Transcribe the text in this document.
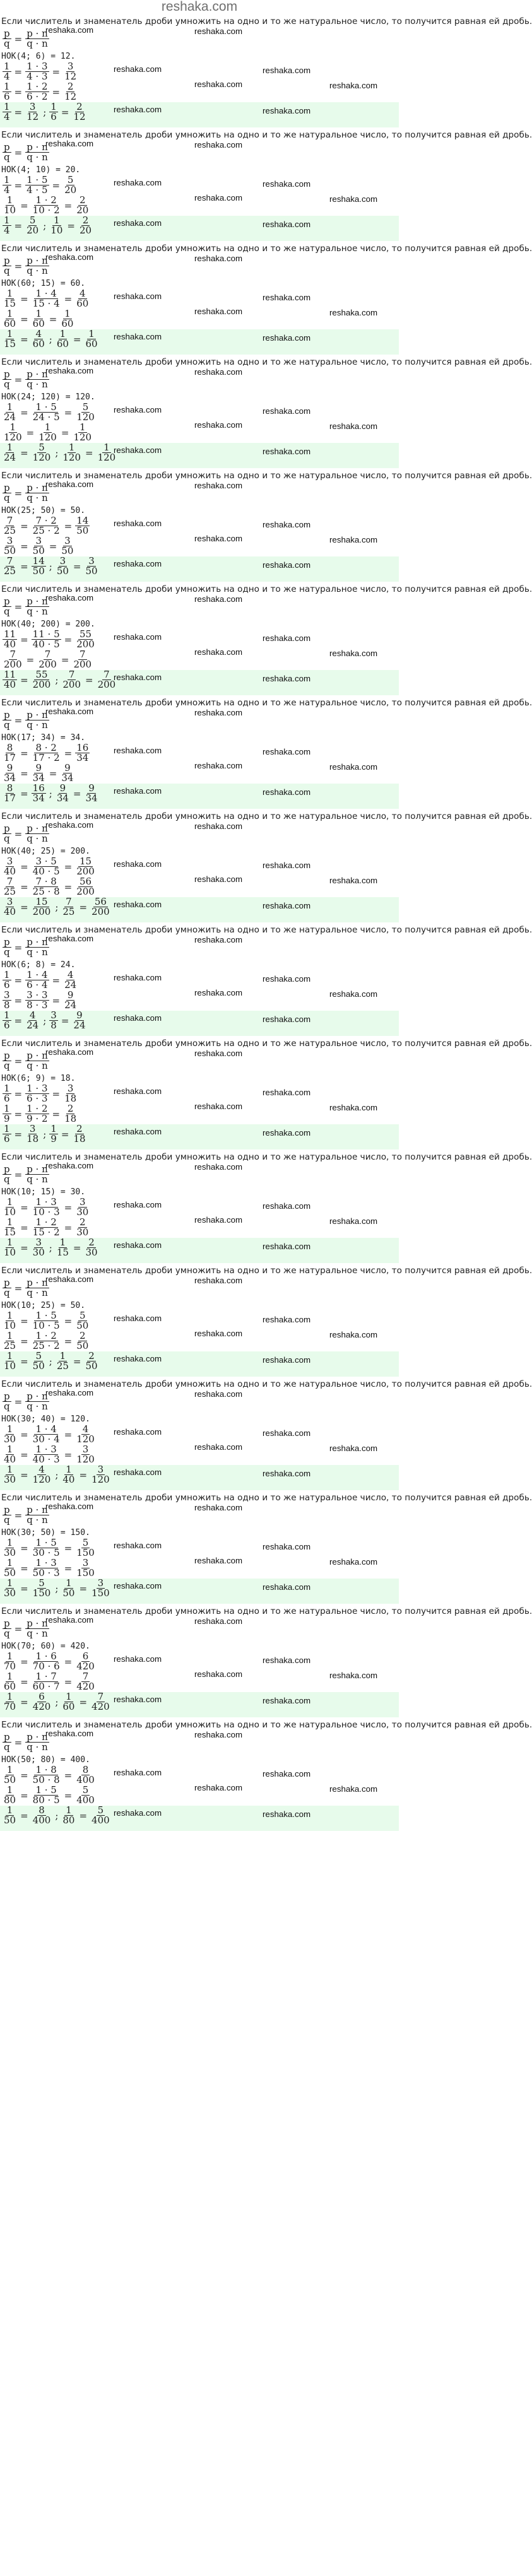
reshaka.com
Если числитель и знаменатель дроби умножить на одно и то же натуральное число, то получится равная ей дробь.
$\frac{p}{q} = \frac{p \cdot n}{q \cdot n}$
reshaka.com	reshaka.com
НОК(4; 6) = 12.
$\frac{1}{4} = \frac{1 \cdot 3}{4 \cdot 3} = \frac{3}{12}$	reshaka.com	reshaka.com
$\frac{1}{6} = \frac{1 \cdot 2}{6 \cdot 2} = \frac{2}{12}$	reshaka.com	reshaka.com
$\frac{1}{4} = \frac{3}{12}$ ; $\frac{1}{6} = \frac{2}{12}$	reshaka.com	reshaka.com
Если числитель и знаменатель дроби умножить на одно и то же натуральное число, то получится равная ей дробь.
$\frac{p}{q} = \frac{p \cdot n}{q \cdot n}$
reshaka.com	reshaka.com
НОК(4; 10) = 20.
$\frac{1}{4} = \frac{1 \cdot 5}{4 \cdot 5} = \frac{5}{20}$	reshaka.com	reshaka.com
$\frac{1}{10} = \frac{1 \cdot 2}{10 \cdot 2} = \frac{2}{20}$	reshaka.com	reshaka.com
$\frac{1}{4} = \frac{5}{20}$ ; $\frac{1}{10} = \frac{2}{20}$ reshaka.com	reshaka.com
Если числитель и знаменатель дроби умножить на одно и то же натуральное число, то получится равная ей дробь.
$\frac{p}{q} = \frac{p \cdot n}{q \cdot n}$
reshaka.com	reshaka.com
НОК(60; 15) = 60.
$\frac{1}{15} = \frac{1 \cdot 4}{15 \cdot 4} = \frac{4}{60}$	reshaka.com	reshaka.com
$\frac{1}{60} = \frac{1}{60} = \frac{1}{60}$	reshaka.com	reshaka.com
$\frac{1}{15} = \frac{4}{60}$ ; $\frac{1}{60} = \frac{1}{60}$ reshaka.com	reshaka.com
Если числитель и знаменатель дроби умножить на одно и то же натуральное число, то получится равная ей дробь.
$\frac{p}{q} = \frac{p \cdot n}{q \cdot n}$
reshaka.com	reshaka.com
НОК(24; 120) = 120.
$\frac{1}{24} = \frac{1 \cdot 5}{24 \cdot 5} = \frac{5}{120}$ reshaka.com	reshaka.com
$\frac{1}{120} = \frac{1}{120} = \frac{1}{120}$	reshaka.com	reshaka.com
$\frac{1}{24} = \frac{5}{120}$ ; $\frac{1}{120} = \frac{1}{120}$
reshaka.com	reshaka.com
Если числитель и знаменатель дроби умножить на одно и то же натуральное число, то получится равная ей дробь.
$\frac{p}{q} = \frac{p \cdot n}{q \cdot n}$
reshaka.com	reshaka.com
НОК(25; 50) = 50.
$\frac{7}{25} = \frac{7 \cdot 2}{25 \cdot 2} = \frac{14}{50}$	reshaka.com	reshaka.com
$\frac{3}{50} = \frac{3}{50} = \frac{3}{50}$	reshaka.com	reshaka.com
$\frac{7}{25} = \frac{14}{50}$ ; $\frac{3}{50} = \frac{3}{50}$ reshaka.com	reshaka.com
Если числитель и знаменатель дроби умножить на одно и то же натуральное число, то получится равная ей дробь.
$\frac{p}{q} = \frac{p \cdot n}{q \cdot n}$
reshaka.com	reshaka.com
НОК(40; 200) = 200.
$\frac{11}{40} = \frac{11 \cdot 5}{40 \cdot 5} = \frac{55}{200}$ reshaka.com	reshaka.com
$\frac{7}{200} = \frac{7}{200} = \frac{7}{200}$	reshaka.com	reshaka.com
$\frac{11}{40} = \frac{55}{200}$ ; $\frac{7}{200} = \frac{7}{200}$
reshaka.com	reshaka.com
Если числитель и знаменатель дроби умножить на одно и то же натуральное число, то получится равная ей дробь.
$\frac{p}{q} = \frac{p \cdot n}{q \cdot n}$
reshaka.com	reshaka.com
НОК(17; 34) = 34.
$\frac{8}{17} = \frac{8 \cdot 2}{17 \cdot 2} = \frac{16}{34}$	reshaka.com	reshaka.com
$\frac{9}{34} = \frac{9}{34} = \frac{9}{34}$	reshaka.com	reshaka.com
$\frac{8}{17} = \frac{16}{34}$ ; $\frac{9}{34} = \frac{9}{34}$ reshaka.com	reshaka.com
Если числитель и знаменатель дроби умножить на одно и то же натуральное число, то получится равная ей дробь.
$\frac{p}{q} = \frac{p \cdot n}{q \cdot n}$
reshaka.com	reshaka.com
НОК(40; 25) = 200.
$\frac{3}{40} = \frac{3 \cdot 5}{40 \cdot 5} = \frac{15}{200}$ reshaka.com	reshaka.com
$\frac{7}{25} = \frac{7 \cdot 8}{25 \cdot 8} = \frac{56}{200}$	reshaka.com	reshaka.com
$\frac{3}{40} = \frac{15}{200}$ ; $\frac{7}{25} = \frac{56}{200}$ reshaka.com	reshaka.com
Если числитель и знаменатель дроби умножить на одно и то же натуральное число, то получится равная ей дробь.
$\frac{p}{q} = \frac{p \cdot n}{q \cdot n}$
reshaka.com	reshaka.com
НОК(6; 8) = 24.
$\frac{1}{6} = \frac{1 \cdot 4}{6 \cdot 4} = \frac{4}{24}$	reshaka.com	reshaka.com
$\frac{3}{8} = \frac{3 \cdot 3}{8 \cdot 3} = \frac{9}{24}$	reshaka.com	reshaka.com
$\frac{1}{6} = \frac{4}{24}$ ; $\frac{3}{8} = \frac{9}{24}$	reshaka.com	reshaka.com
Если числитель и знаменатель дроби умножить на одно и то же натуральное число, то получится равная ей дробь.
$\frac{p}{q} = \frac{p \cdot n}{q \cdot n}$
reshaka.com	reshaka.com
НОК(6; 9) = 18.
$\frac{1}{6} = \frac{1 \cdot 3}{6 \cdot 3} = \frac{3}{18}$	reshaka.com	reshaka.com
$\frac{1}{9} = \frac{1 \cdot 2}{9 \cdot 2} = \frac{2}{18}$	reshaka.com	reshaka.com
$\frac{1}{6} = \frac{3}{18}$ ; $\frac{1}{9} = \frac{2}{18}$	reshaka.com	reshaka.com
Если числитель и знаменатель дроби умножить на одно и то же натуральное число, то получится равная ей дробь.
$\frac{p}{q} = \frac{p \cdot n}{q \cdot n}$
reshaka.com	reshaka.com
НОК(10; 15) = 30.
$\frac{1}{10} = \frac{1 \cdot 3}{10 \cdot 3} = \frac{3}{30}$	reshaka.com	reshaka.com
$\frac{1}{15} = \frac{1 \cdot 2}{15 \cdot 2} = \frac{2}{30}$	reshaka.com	reshaka.com
$\frac{1}{10} = \frac{3}{30}$ ; $\frac{1}{15} = \frac{2}{30}$ reshaka.com	reshaka.com
Если числитель и знаменатель дроби умножить на одно и то же натуральное число, то получится равная ей дробь.
$\frac{p}{q} = \frac{p \cdot n}{q \cdot n}$
reshaka.com	reshaka.com
НОК(10; 25) = 50.
$\frac{1}{10} = \frac{1 \cdot 5}{10 \cdot 5} = \frac{5}{50}$	reshaka.com	reshaka.com
$\frac{1}{25} = \frac{1 \cdot 2}{25 \cdot 2} = \frac{2}{50}$	reshaka.com	reshaka.com
$\frac{1}{10} = \frac{5}{50}$ ; $\frac{1}{25} = \frac{2}{50}$ reshaka.com	reshaka.com
Если числитель и знаменатель дроби умножить на одно и то же натуральное число, то получится равная ей дробь.
$\frac{p}{q} = \frac{p \cdot n}{q \cdot n}$
reshaka.com	reshaka.com
НОК(30; 40) = 120.
$\frac{1}{30} = \frac{1 \cdot 4}{30 \cdot 4} = \frac{4}{120}$ reshaka.com	reshaka.com
$\frac{1}{40} = \frac{1 \cdot 3}{40 \cdot 3} = \frac{3}{120}$	reshaka.com	reshaka.com
$\frac{1}{30} = \frac{4}{120}$ ; $\frac{1}{40} = \frac{3}{120}$ reshaka.com	reshaka.com
Если числитель и знаменатель дроби умножить на одно и то же натуральное число, то получится равная ей дробь.
$\frac{p}{q} = \frac{p \cdot n}{q \cdot n}$
reshaka.com	reshaka.com
НОК(30; 50) = 150.
$\frac{1}{30} = \frac{1 \cdot 5}{30 \cdot 5} = \frac{5}{150}$ reshaka.com	reshaka.com
$\frac{1}{50} = \frac{1 \cdot 3}{50 \cdot 3} = \frac{3}{150}$	reshaka.com	reshaka.com
$\frac{1}{30} = \frac{5}{150}$ ; $\frac{1}{50} = \frac{3}{150}$ reshaka.com	reshaka.com
Если числитель и знаменатель дроби умножить на одно и то же натуральное число, то получится равная ей дробь.
$\frac{p}{q} = \frac{p \cdot n}{q \cdot n}$
reshaka.com	reshaka.com
НОК(70; 60) = 420.
$\frac{1}{70} = \frac{1 \cdot 6}{70 \cdot 6} = \frac{6}{420}$ reshaka.com	reshaka.com
$\frac{1}{60} = \frac{1 \cdot 7}{60 \cdot 7} = \frac{7}{420}$	reshaka.com	reshaka.com
$\frac{1}{70} = \frac{6}{420}$ ; $\frac{1}{60} = \frac{7}{420}$ reshaka.com	reshaka.com
Если числитель и знаменатель дроби умножить на одно и то же натуральное число, то получится равная ей дробь.
$\frac{p}{q} = \frac{p \cdot n}{q \cdot n}$
reshaka.com	reshaka.com
НОК(50; 80) = 400.
$\frac{1}{50} = \frac{1 \cdot 8}{50 \cdot 8} = \frac{8}{400}$ reshaka.com	reshaka.com
$\frac{1}{80} = \frac{1 \cdot 5}{80 \cdot 5} = \frac{5}{400}$	reshaka.com	reshaka.com
$\frac{1}{50} = \frac{8}{400}$ ; $\frac{1}{80} = \frac{5}{400}$ reshaka.com	reshaka.com
